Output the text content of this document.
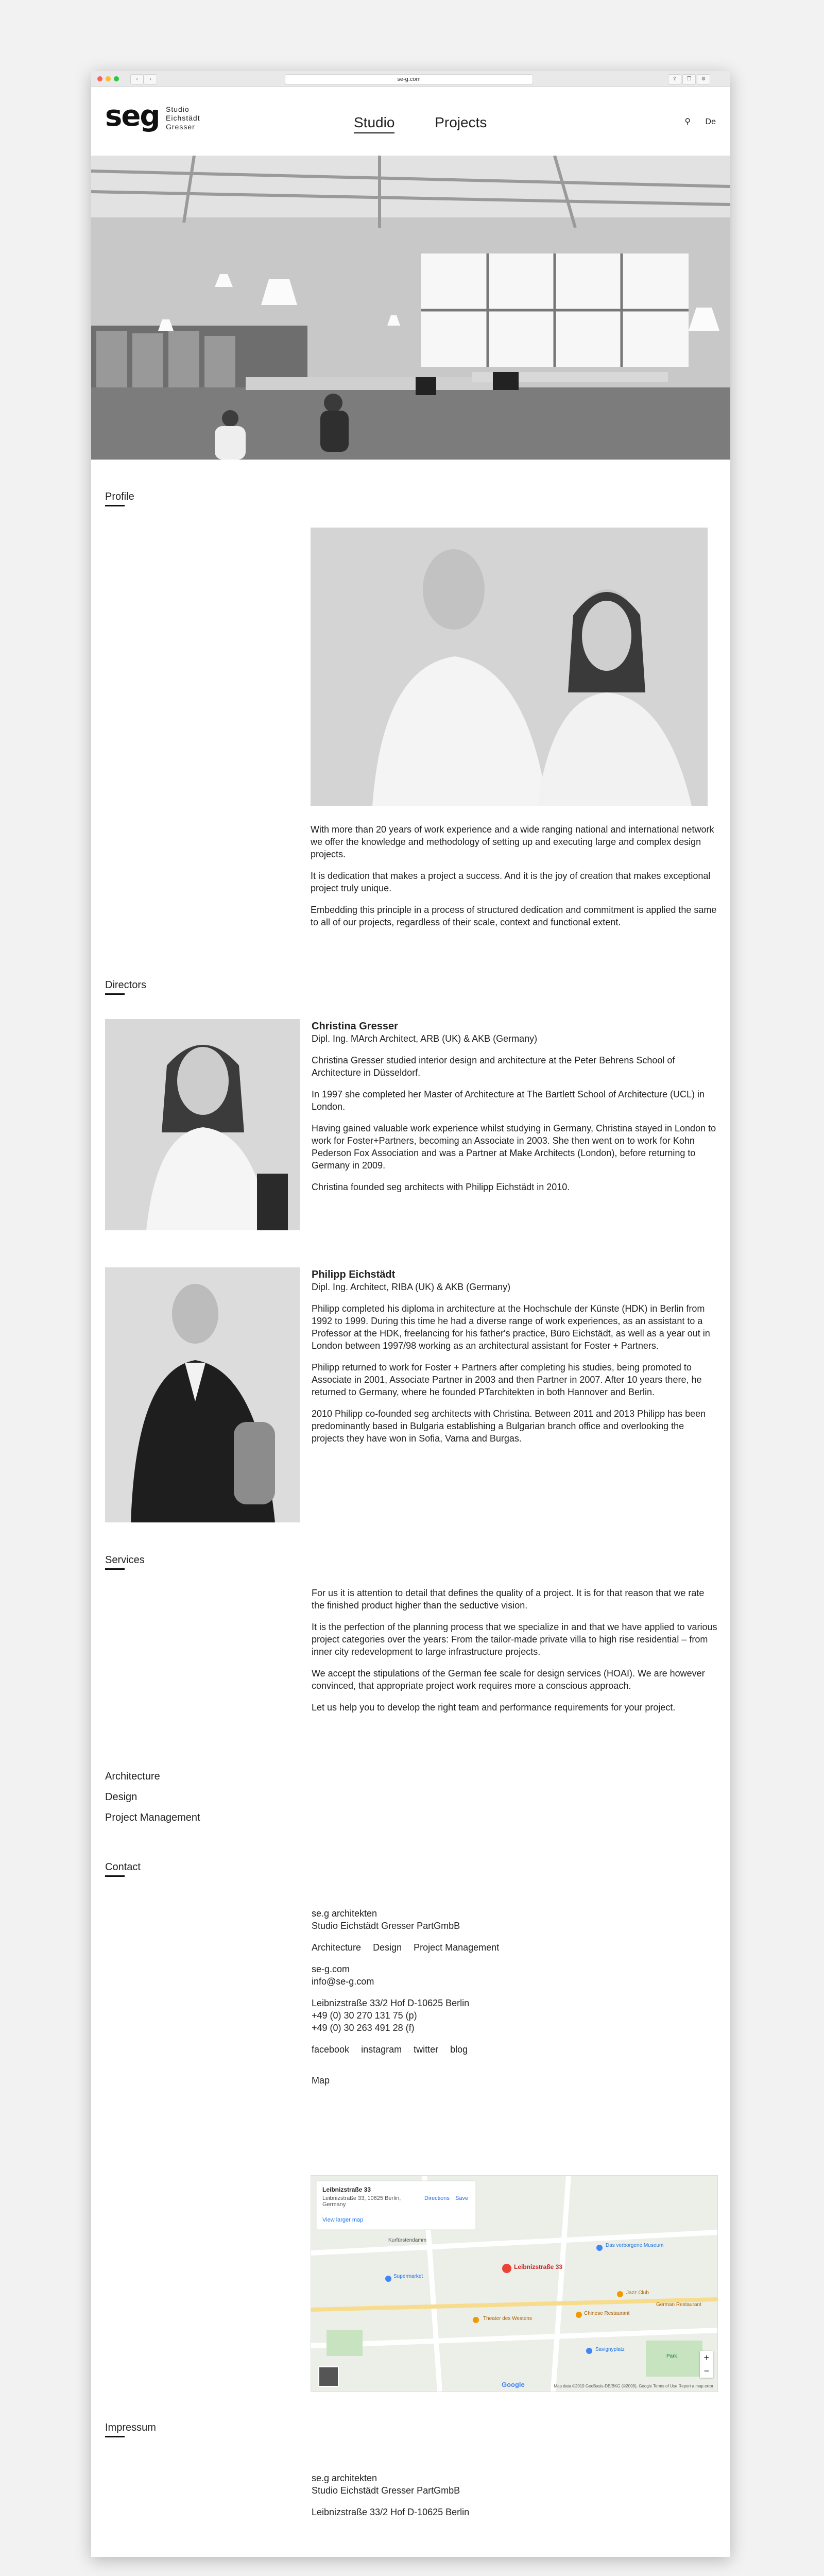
‹	›	se-g.com	⇪	❐	⚙
seg Studio
Eichstädt
Gresser	Studio	Projects	⚲ De
Profile

With more than 20 years of work experience and a wide ranging national and international network we offer the knowledge and methodology of setting up and executing large and complex design projects.

It is dedication that makes a project a success. And it is the joy of creation that makes exceptional project truly unique.

Embedding this principle in a process of structured dedication and commitment is applied the same to all of our projects, regardless of their scale, context and functional extent.

Directors
Christina Gresser

Dipl. Ing. MArch Architect, ARB (UK) & AKB (Germany)

Christina Gresser studied interior design and architecture at the Peter Behrens School of Architecture in Düsseldorf.

In 1997 she completed her Master of Architecture at The Bartlett School of Architecture (UCL) in London.

Having gained valuable work experience whilst studying in Germany, Christina stayed in London to work for Foster+Partners, becoming an Associate in 2003. She then went on to work for Kohn Pederson Fox Association and was a Partner at Make Architects (London), before returning to Germany in 2009.

Christina founded seg architects with Philipp Eichstädt in 2010.

Philipp Eichstädt

Dipl. Ing. Architect, RIBA (UK) & AKB (Germany)

Philipp completed his diploma in architecture at the Hochschule der Künste (HDK) in Berlin from 1992 to 1999. During this time he had a diverse range of work experiences, as an assistant to a Professor at the HDK, freelancing for his father's practice, Büro Eichstädt, as well as a year out in London between 1997/98 working as an architectural assistant for Foster + Partners.

Philipp returned to work for Foster + Partners after completing his studies, being promoted to Associate in 2001, Associate Partner in 2003 and then Partner in 2007. After 10 years there, he returned to Germany, where he founded PTarchitekten in both Hannover and Berlin.

2010 Philipp co-founded seg architects with Christina. Between 2011 and 2013 Philipp has been predominantly based in Bulgaria establishing a Bulgarian branch office and overlooking the projects they have won in Sofia, Varna and Burgas.

Services

For us it is attention to detail that defines the quality of a project. It is for that reason that we rate the finished product higher than the seductive vision.

It is the perfection of the planning process that we specialize in and that we have applied to various project categories over the years: From the tailor-made private villa to high rise residential – from inner city redevelopment to large infrastructure projects.

We accept the stipulations of the German fee scale for design services (HOAI). We are however convinced, that appropriate project work requires more a conscious approach.

Let us help you to develop the right team and performance requirements for your project.

Architecture
Design
Project Management
Contact
se.g architekten

Studio Eichstädt Gresser PartGmbB

Architecture Design Project Management

se-g.com

info@se-g.com

Leibnizstraße 33/2 Hof D-10625 Berlin
+49 (0) 30 270 131 75 (p)

+49 (0) 30 263 491 28 (f)

facebook instagram twitter blog

Map
Leibnizstraße 33
Leibnizstraße 33, 10625 Berlin, Germany
Directions Save
View larger map
Leibnizstraße 33
Das verborgene Museum
Supermarket
Theater des Westens
Chinese Restaurant
Savignyplatz
Jazz Club
German Restaurant
Park
Kurfürstendamm
+
−
Google	Map data ©2019 GeoBasis-DE/BKG (©2009), Google Terms of Use Report a map error
Impressum
se.g architekten

Studio Eichstädt Gresser PartGmbB

Leibnizstraße 33/2 Hof D-10625 Berlin
